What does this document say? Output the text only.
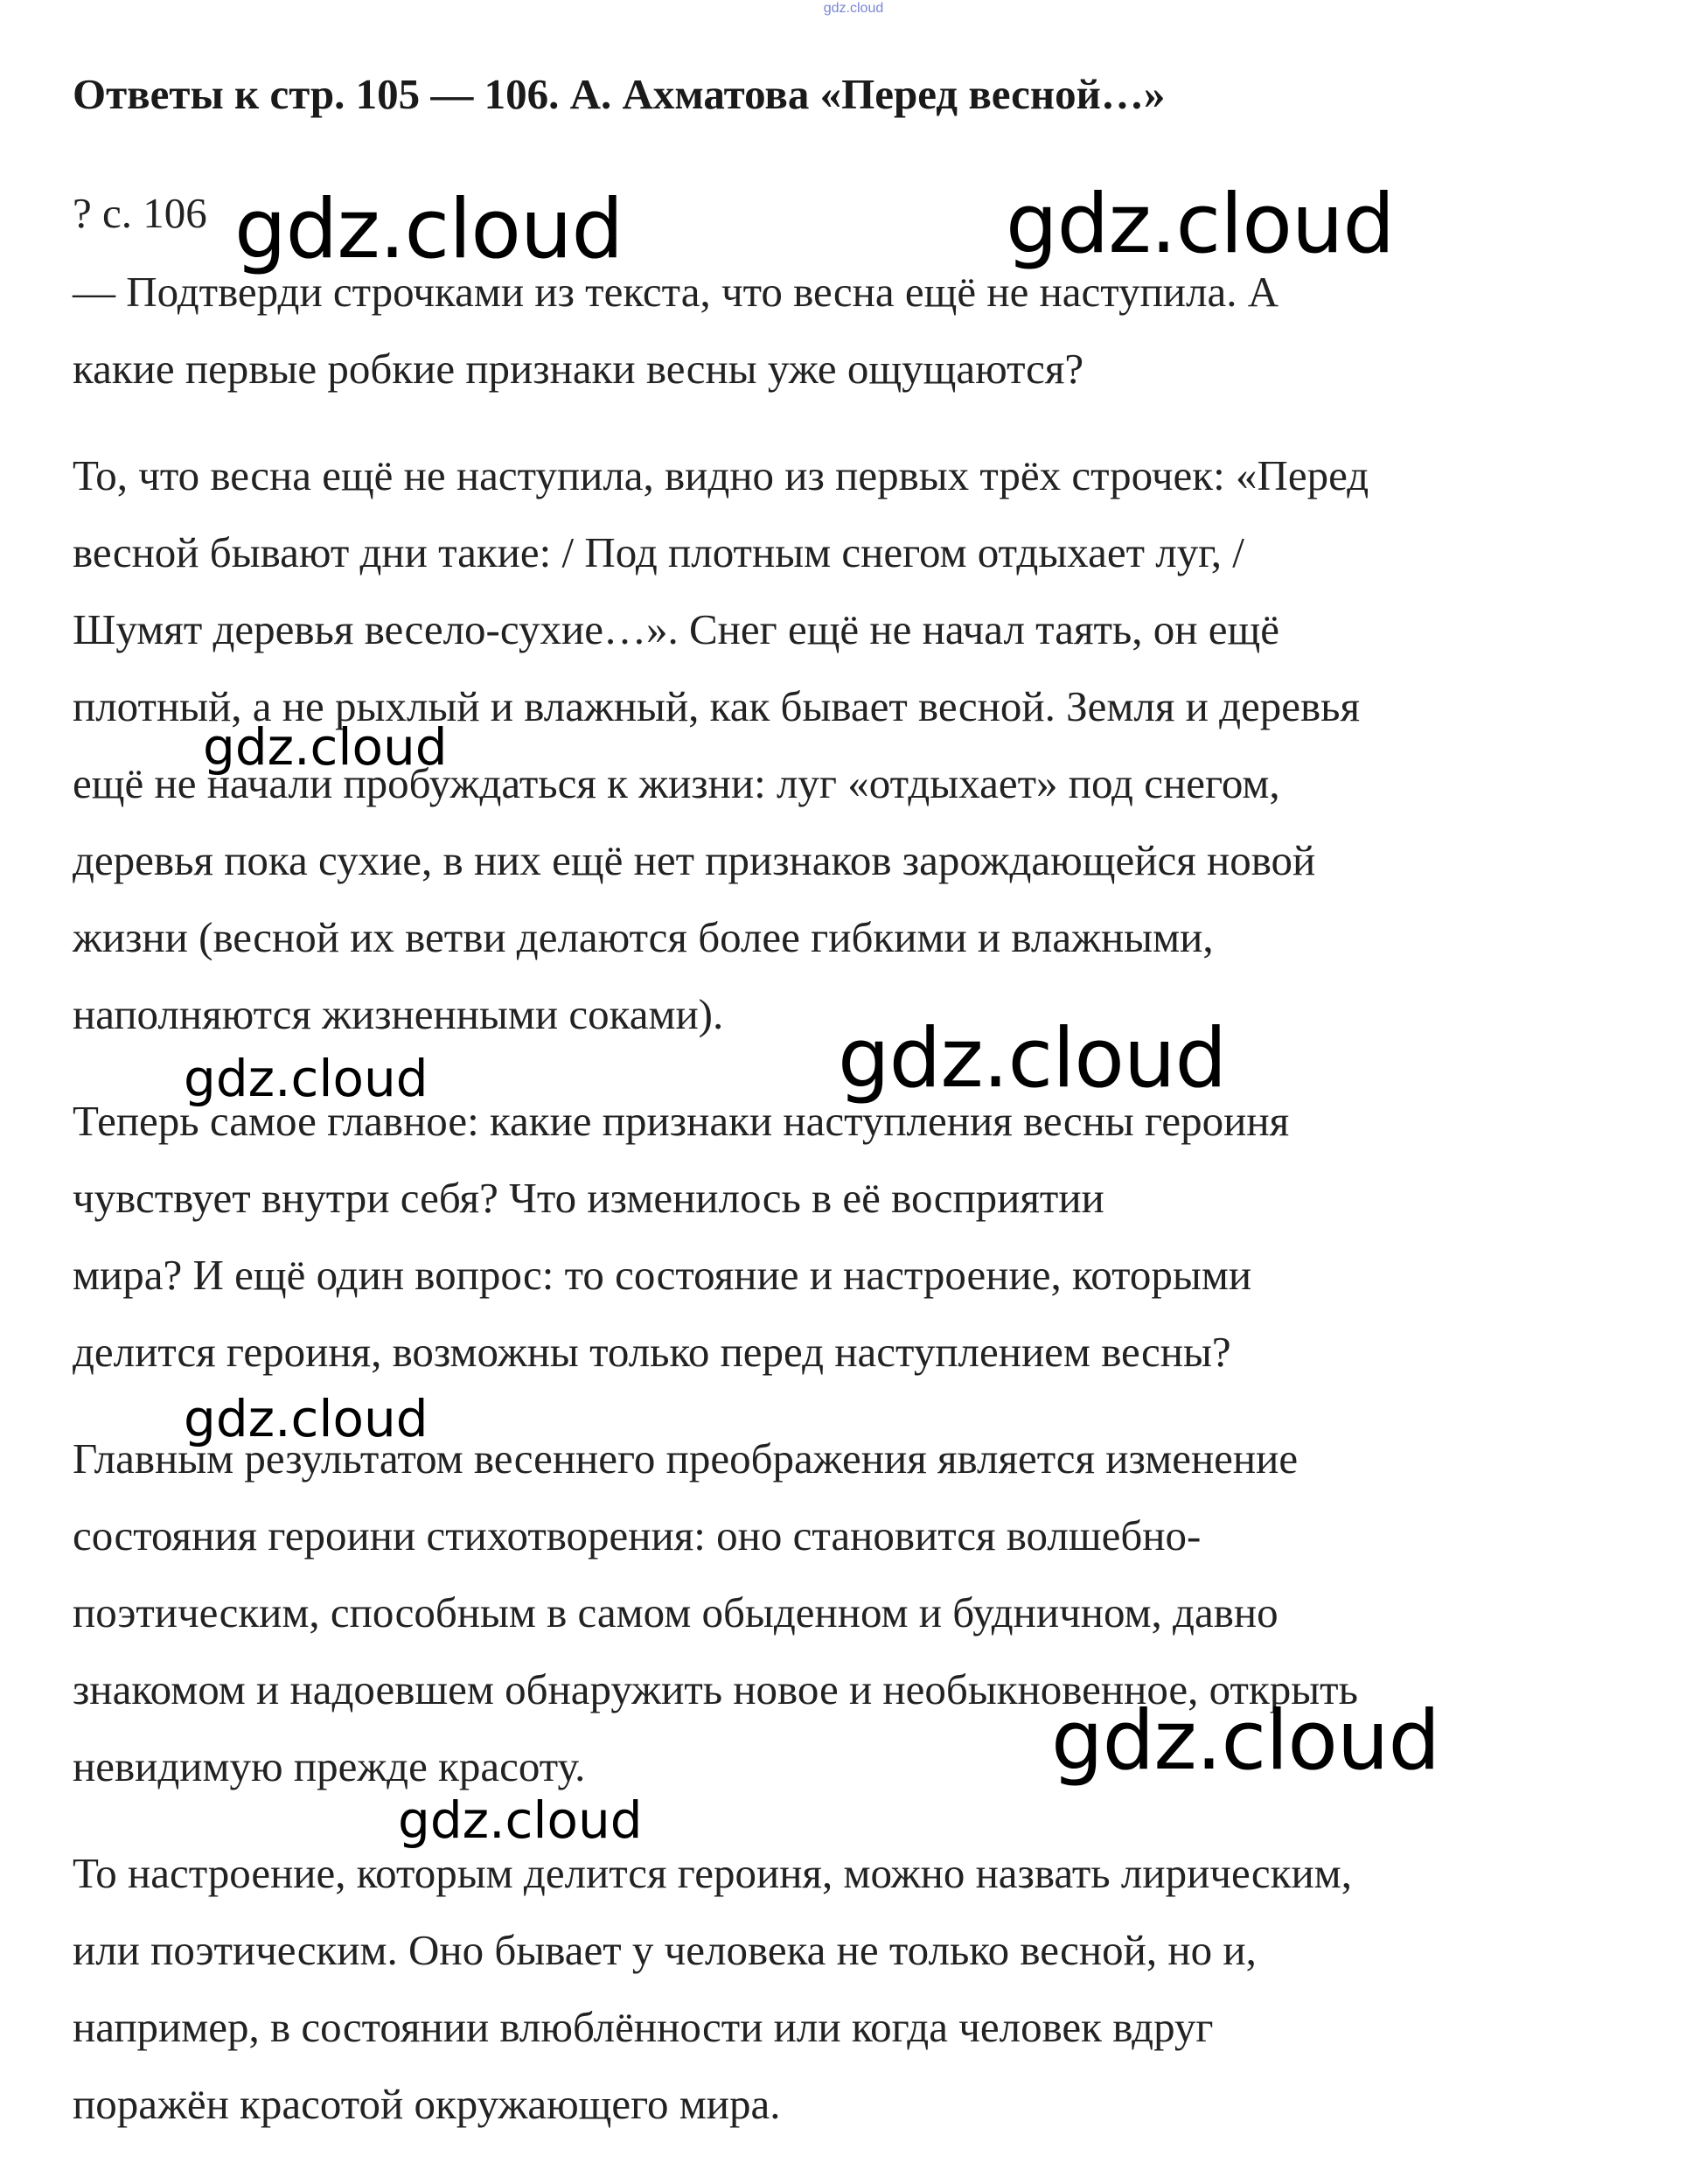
gdz.cloud
Ответы к стр. 105 — 106. А. Ахматова «Перед весной…»
? с. 106
— Подтверди строчками из текста, что весна ещё не наступила. А
какие первые робкие признаки весны уже ощущаются?
То, что весна ещё не наступила, видно из первых трёх строчек: «Перед
весной бывают дни такие: / Под плотным снегом отдыхает луг, /
Шумят деревья весело-сухие…». Снег ещё не начал таять, он ещё
плотный, а не рыхлый и влажный, как бывает весной. Земля и деревья
ещё не начали пробуждаться к жизни: луг «отдыхает» под снегом,
деревья пока сухие, в них ещё нет признаков зарождающейся новой
жизни (весной их ветви делаются более гибкими и влажными,
наполняются жизненными соками).
Теперь самое главное: какие признаки наступления весны героиня
чувствует внутри себя? Что изменилось в её восприятии
мира? И ещё один вопрос: то состояние и настроение, которыми
делится героиня, возможны только перед наступлением весны?
Главным результатом весеннего преображения является изменение
состояния героини стихотворения: оно становится волшебно-
поэтическим, способным в самом обыденном и будничном, давно
знакомом и надоевшем обнаружить новое и необыкновенное, открыть
невидимую прежде красоту.
То настроение, которым делится героиня, можно назвать лирическим,
или поэтическим. Оно бывает у человека не только весной, но и,
например, в состоянии влюблённости или когда человек вдруг
поражён красотой окружающего мира.
gdz.cloud	gdz.cloud
gdz.cloud
gdz.cloud
gdz.cloud
gdz.cloud
gdz.cloud
gdz.cloud
